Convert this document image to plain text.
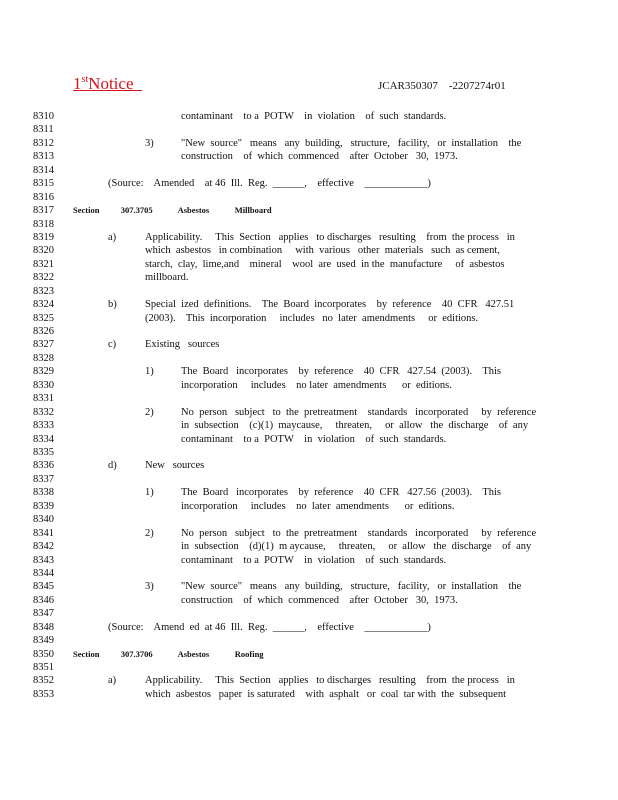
1stNotice	JCAR350307    -2207274r01
8310	contaminant    to a  POTW    in  violation    of  such  standards.
8311
8312	3)	"New  source"   means   any  building,   structure,   facility,   or  installation    the
8313	construction    of  which  commenced    after  October   30,  1973.
8314
8315	(Source:    Amended    at 46  Ill.  Reg.  ______,    effective    ____________)
8316
8317 Section          307.3705            Asbestos            Millboard
8318
8319	a)	Applicability.     This  Section   applies   to discharges   resulting    from  the process   in
8320	which  asbestos   in combination     with  various   other  materials   such  as cement,
8321	starch,  clay,  lime,and    mineral    wool  are  used  in the  manufacture     of  asbestos
8322	millboard.
8323
8324	b)	Special  ized  definitions.    The  Board  incorporates    by  reference    40  CFR   427.51
8325	(2003).    This  incorporation     includes   no  later  amendments     or  editions.
8326
8327	c)	Existing   sources
8328
8329	1)	The  Board   incorporates    by  reference    40  CFR   427.54  (2003).    This
8330	incorporation     includes    no later  amendments      or  editions.
8331
8332	2)	No  person   subject   to  the  pretreatment    standards   incorporated     by  reference
8333	in  subsection    (c)(1)  maycause,     threaten,     or  allow   the  discharge    of  any
8334	contaminant    to a  POTW    in  violation    of  such  standards.
8335
8336	d)	New   sources
8337
8338	1)	The  Board   incorporates    by  reference    40  CFR   427.56  (2003).    This
8339	incorporation     includes    no  later  amendments      or  editions.
8340
8341	2)	No  person   subject   to  the  pretreatment    standards   incorporated     by  reference
8342	in  subsection    (d)(1)  m aycause,     threaten,     or  allow   the  discharge    of  any
8343	contaminant    to a  POTW    in  violation    of  such  standards.
8344
8345	3)	"New  source"   means   any  building,   structure,   facility,   or  installation    the
8346	construction    of  which  commenced    after  October   30,  1973.
8347
8348	(Source:    Amend  ed  at 46  Ill.  Reg.  ______,    effective    ____________)
8349
8350 Section          307.3706            Asbestos            Roofing
8351
8352	a)	Applicability.     This  Section   applies   to discharges   resulting    from  the process   in
8353	which  asbestos   paper  is saturated    with  asphalt   or  coal  tar with  the  subsequent
